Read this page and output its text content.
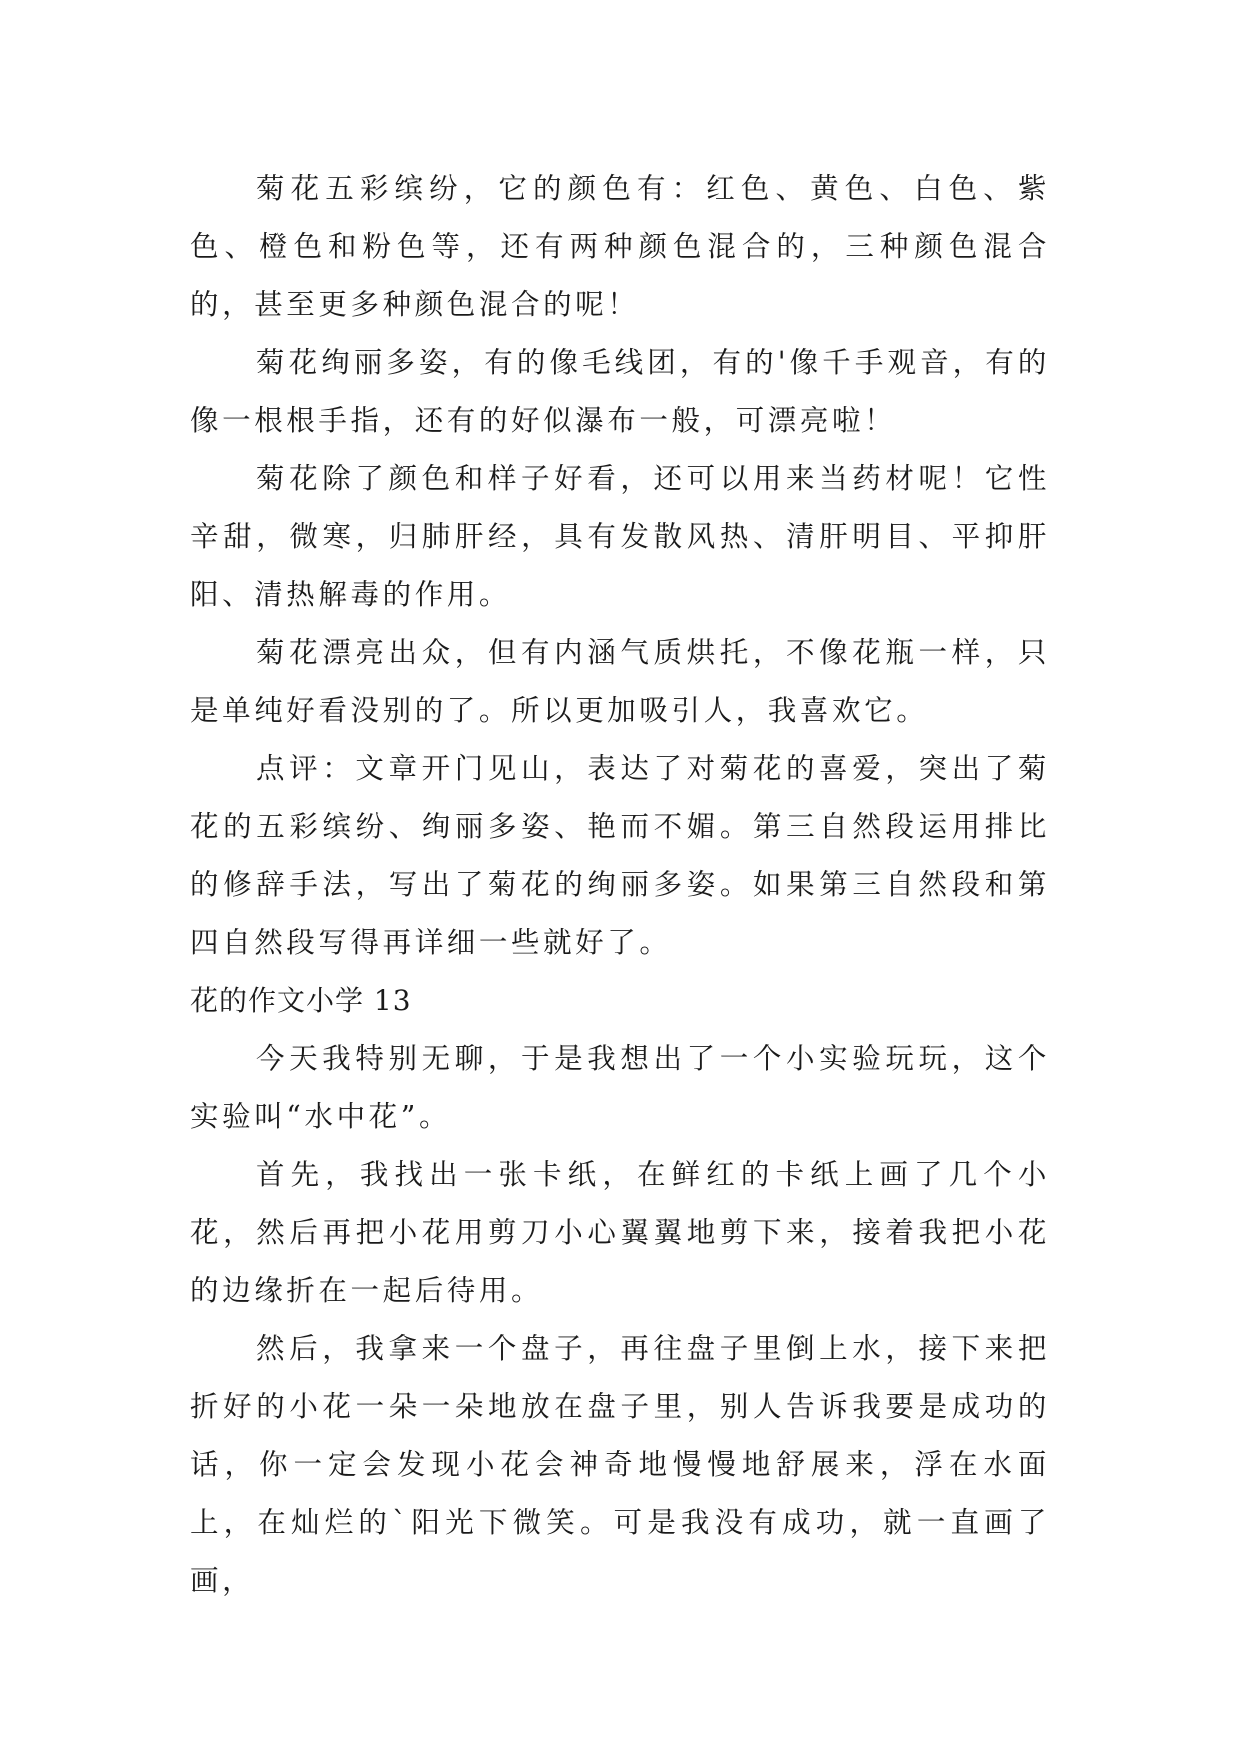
菊花五彩缤纷，它的颜色有：红色、黄色、白色、紫色、橙色和粉色等，还有两种颜色混合的，三种颜色混合的，甚至更多种颜色混合的呢！

菊花绚丽多姿，有的像毛线团，有的'像千手观音，有的像一根根手指，还有的好似瀑布一般，可漂亮啦！

菊花除了颜色和样子好看，还可以用来当药材呢！它性辛甜，微寒，归肺肝经，具有发散风热、清肝明目、平抑肝阳、清热解毒的作用。

菊花漂亮出众，但有内涵气质烘托，不像花瓶一样，只是单纯好看没别的了。所以更加吸引人，我喜欢它。

点评：文章开门见山，表达了对菊花的喜爱，突出了菊花的五彩缤纷、绚丽多姿、艳而不媚。第三自然段运用排比的修辞手法，写出了菊花的绚丽多姿。如果第三自然段和第四自然段写得再详细一些就好了。

花的作文小学 13

今天我特别无聊，于是我想出了一个小实验玩玩，这个实验叫“水中花”。

首先，我找出一张卡纸，在鲜红的卡纸上画了几个小花，然后再把小花用剪刀小心翼翼地剪下来，接着我把小花的边缘折在一起后待用。

然后，我拿来一个盘子，再往盘子里倒上水，接下来把折好的小花一朵一朵地放在盘子里，别人告诉我要是成功的话，你一定会发现小花会神奇地慢慢地舒展来，浮在水面上，在灿烂的`阳光下微笑。可是我没有成功，就一直画了画，
